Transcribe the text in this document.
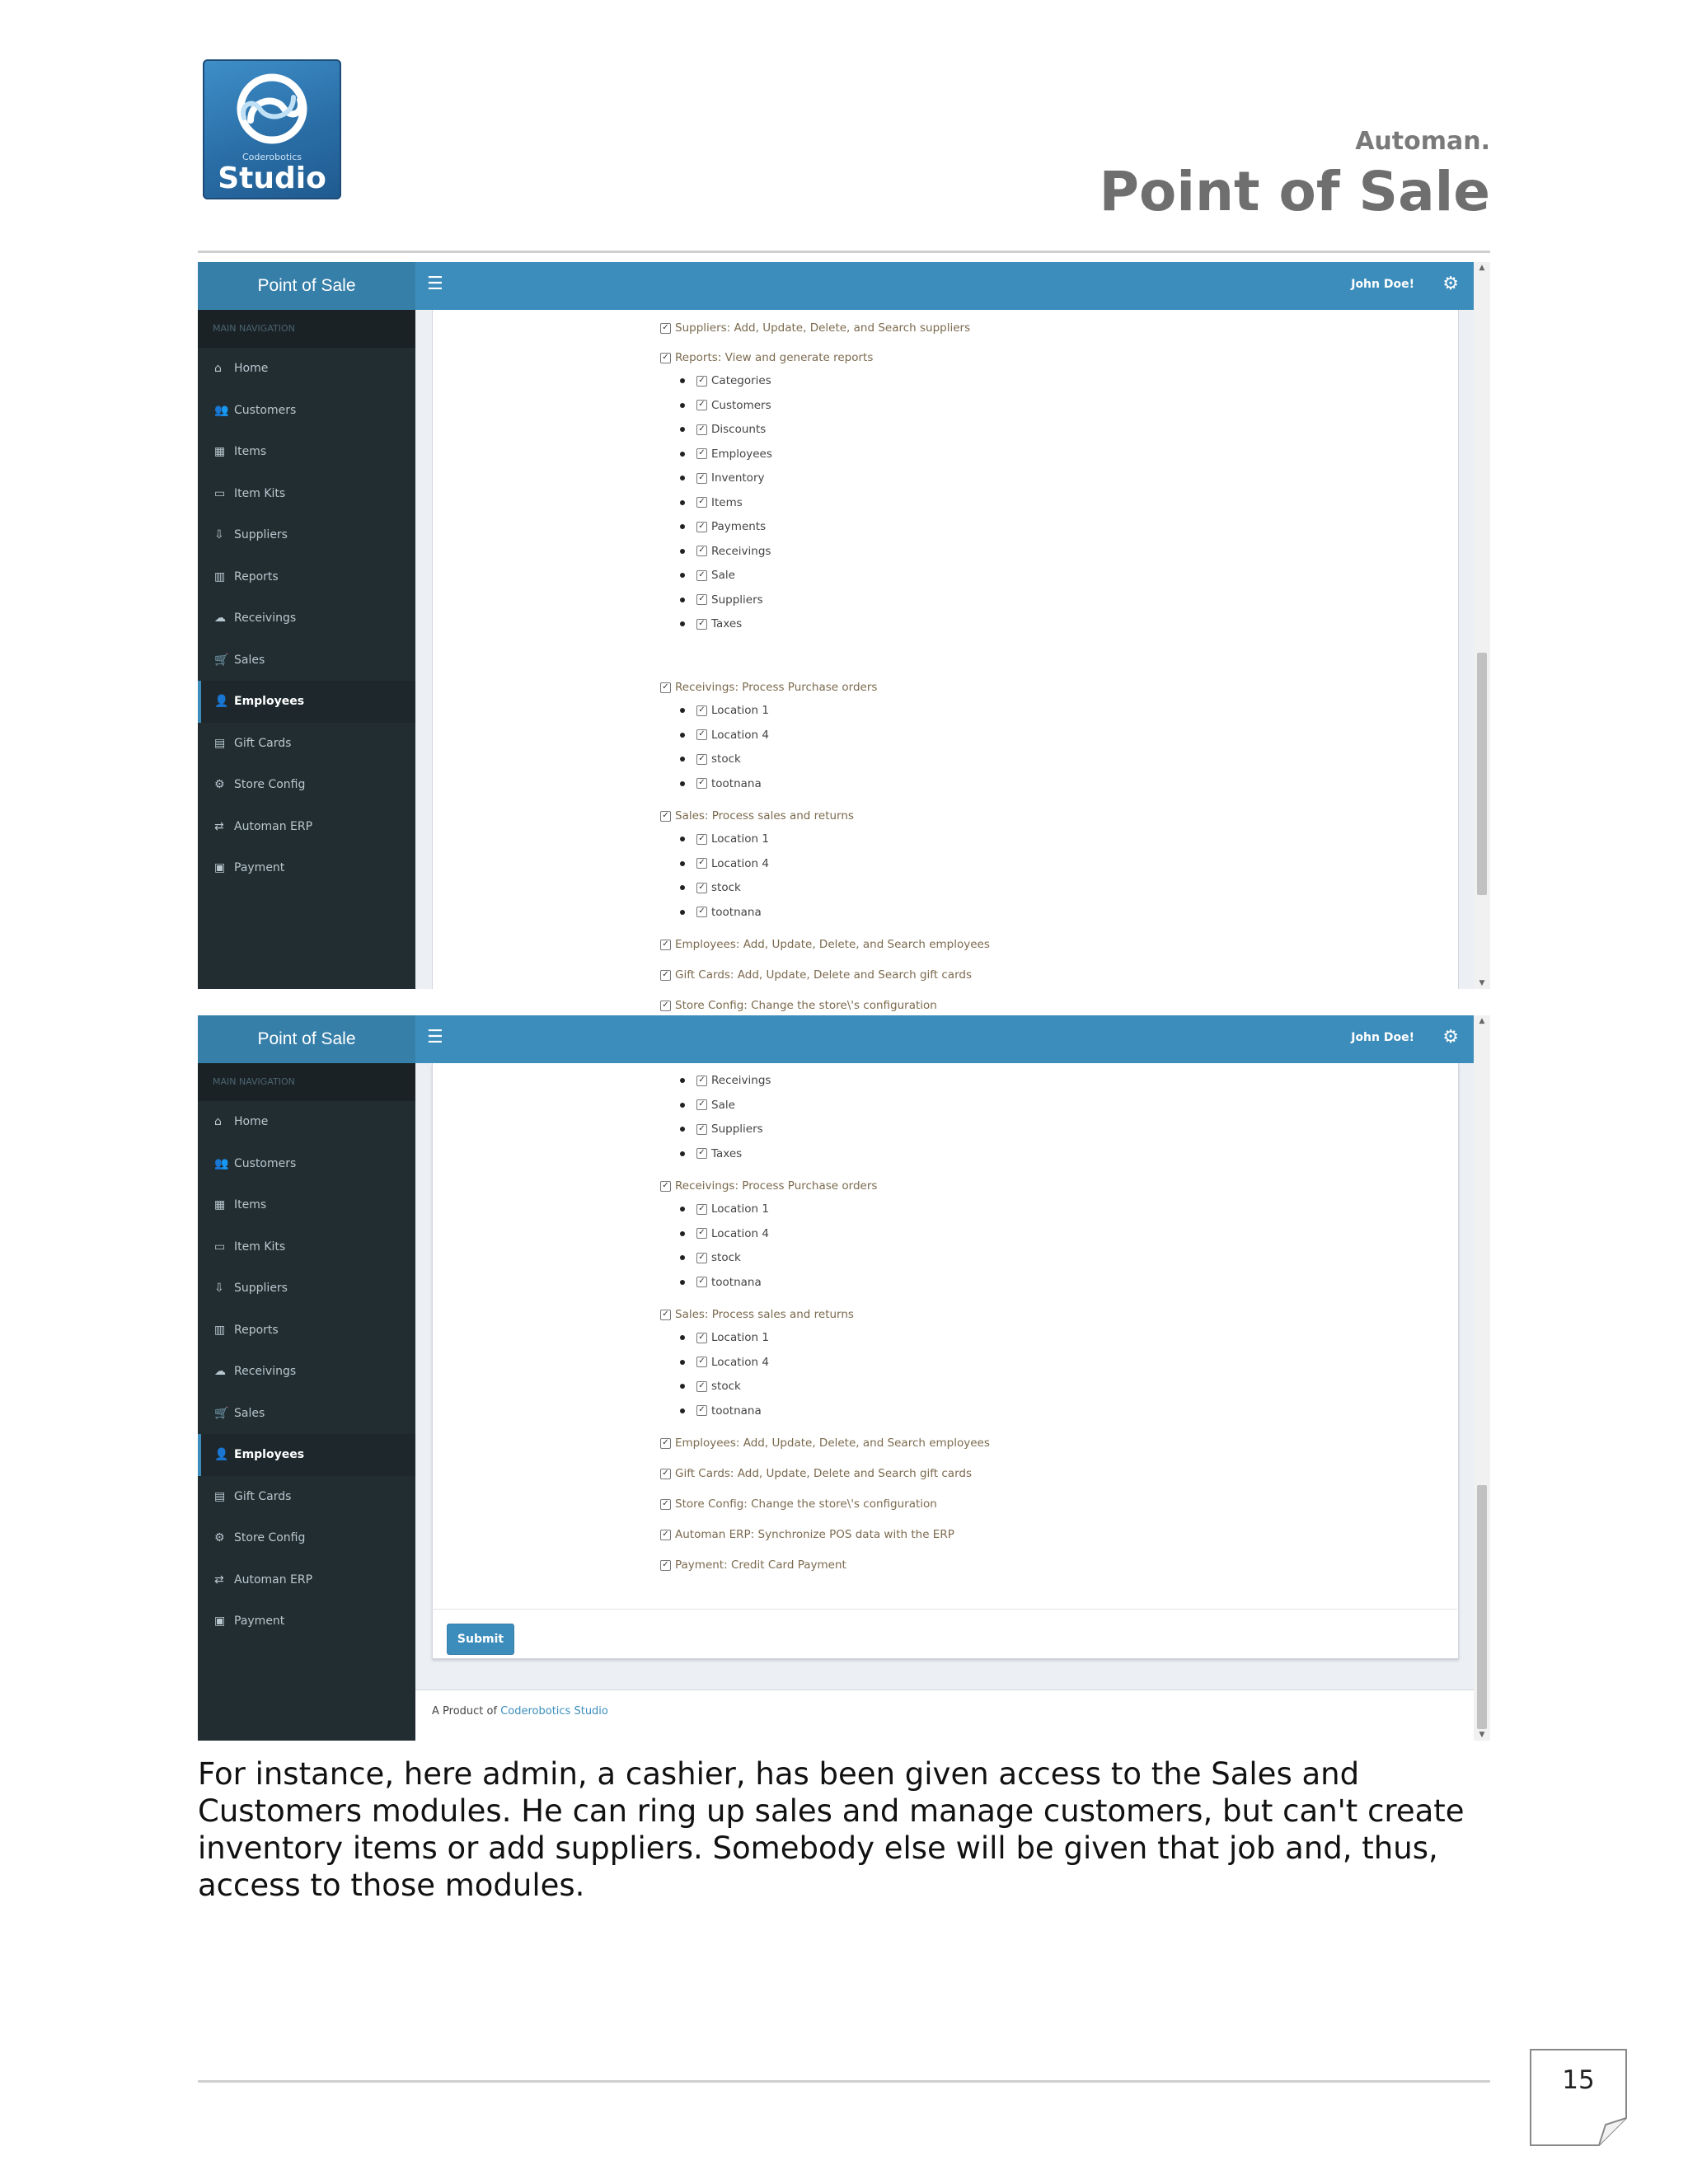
Coderobotics
Studio
Automan.
Point of Sale
Point of Sale	☰	John Doe! ⚙
MAIN NAVIGATION
⌂	Home
👥 Customers
▦ Items
▭ Item Kits
⇩ Suppliers
▥ Reports
☁ Receivings
🛒 Sales
👤 Employees
▤ Gift Cards
⚙ Store Config
⇄ Automan ERP
▣ Payment
✓ Suppliers: Add, Update, Delete, and Search suppliers
✓ Reports: View and generate reports
✓ Receivings: Process Purchase orders
✓ Sales: Process sales and returns
✓ Employees: Add, Update, Delete, and Search employees
✓ Gift Cards: Add, Update, Delete and Search gift cards
✓ Store Config: Change the store\'s configuration
✓ Categories
✓ Customers
✓ Discounts
✓ Employees
✓ Inventory
✓ Items
✓ Payments
✓ Receivings
✓ Sale
✓ Suppliers
✓ Taxes
✓ Location 1
✓ Location 4
✓ stock
✓ tootnana
✓ Location 1
✓ Location 4
✓ stock
✓ tootnana
▲
▼
Point of Sale	☰	John Doe! ⚙
MAIN NAVIGATION
⌂	Home
👥 Customers
▦ Items
▭ Item Kits
⇩ Suppliers
▥ Reports
☁ Receivings
🛒 Sales
👤 Employees
▤ Gift Cards
⚙ Store Config
⇄ Automan ERP
▣ Payment
✓ Receivings: Process Purchase orders
✓ Sales: Process sales and returns
✓ Employees: Add, Update, Delete, and Search employees
✓ Gift Cards: Add, Update, Delete and Search gift cards
✓ Store Config: Change the store\'s configuration
✓ Automan ERP: Synchronize POS data with the ERP
✓ Payment: Credit Card Payment
✓ Receivings
✓ Sale
✓ Suppliers
✓ Taxes
✓ Location 1
✓ Location 4
✓ stock
✓ tootnana
✓ Location 1
✓ Location 4
✓ stock
✓ tootnana
Submit
A Product of Coderobotics Studio
▲
▼
For instance, here admin, a cashier, has been given access to the Sales and Customers modules. He can ring up sales and manage customers, but can't create inventory items or add suppliers. Somebody else will be given that job and, thus, access to those modules.
15
